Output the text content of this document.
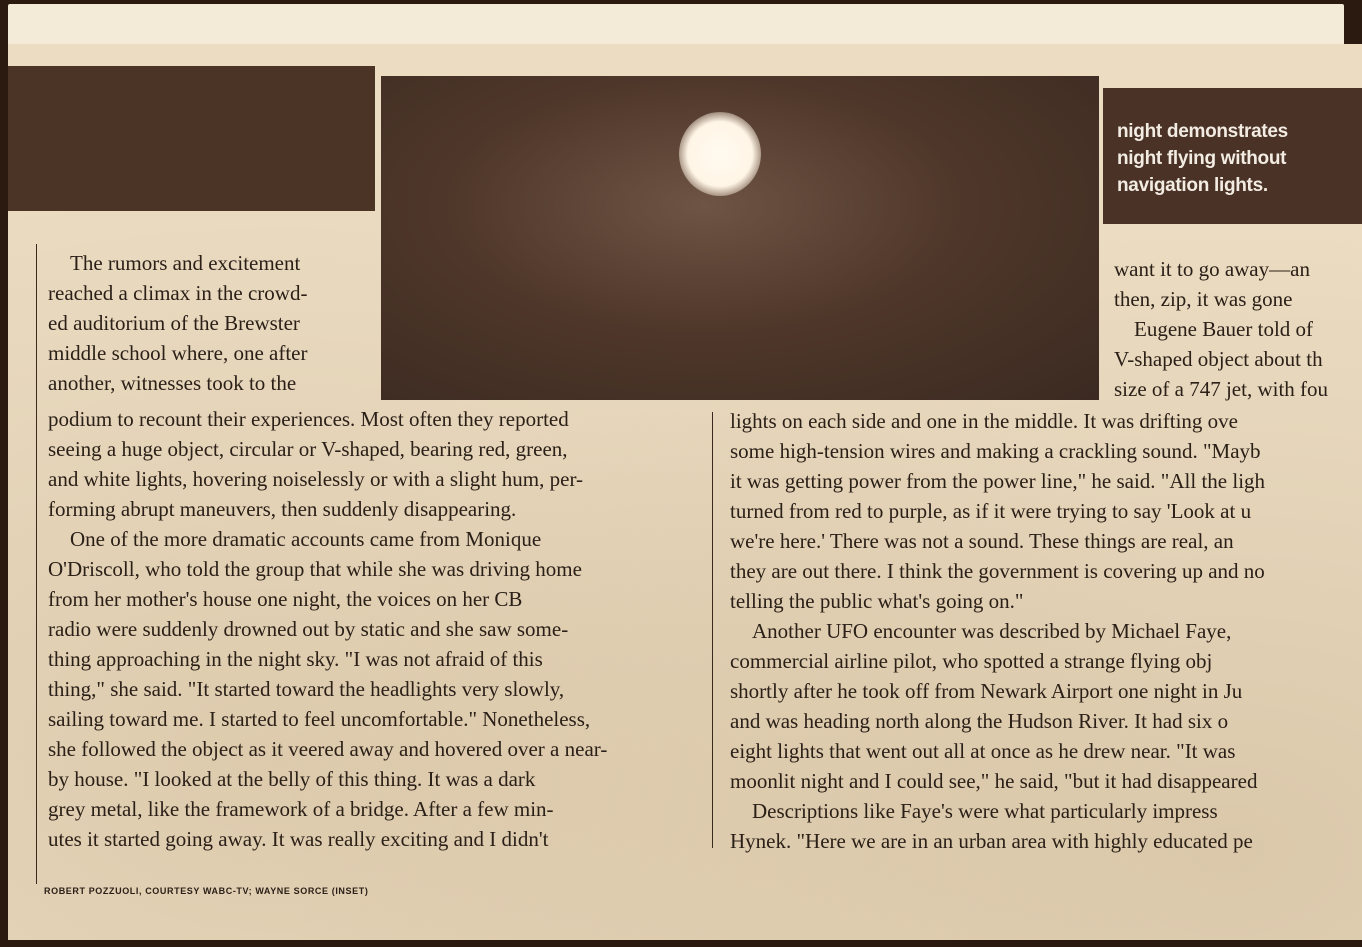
night demonstrates
night flying without
navigation lights.
The rumors and excitement
reached a climax in the crowd-
ed auditorium of the Brewster
middle school where, one after
another, witnesses took to the
podium to recount their experiences. Most often they reported
seeing a huge object, circular or V-shaped, bearing red, green,
and white lights, hovering noiselessly or with a slight hum, per-
forming abrupt maneuvers, then suddenly disappearing.
One of the more dramatic accounts came from Monique
O'Driscoll, who told the group that while she was driving home
from her mother's house one night, the voices on her CB
radio were suddenly drowned out by static and she saw some-
thing approaching in the night sky. "I was not afraid of this
thing," she said. "It started toward the headlights very slowly,
sailing toward me. I started to feel uncomfortable." Nonetheless,
she followed the object as it veered away and hovered over a near-
by house. "I looked at the belly of this thing. It was a dark
grey metal, like the framework of a bridge. After a few min-
utes it started going away. It was really exciting and I didn't
want it to go away—an
then, zip, it was gone
Eugene Bauer told of
V-shaped object about th
size of a 747 jet, with fou
lights on each side and one in the middle. It was drifting ove
some high-tension wires and making a crackling sound. "Mayb
it was getting power from the power line," he said. "All the ligh
turned from red to purple, as if it were trying to say 'Look at u
we're here.' There was not a sound. These things are real, an
they are out there. I think the government is covering up and no
telling the public what's going on."
Another UFO encounter was described by Michael Faye,
commercial airline pilot, who spotted a strange flying obj
shortly after he took off from Newark Airport one night in Ju
and was heading north along the Hudson River. It had six o
eight lights that went out all at once as he drew near. "It was
moonlit night and I could see," he said, "but it had disappeared
Descriptions like Faye's were what particularly impress
Hynek. "Here we are in an urban area with highly educated pe
ROBERT POZZUOLI, COURTESY WABC-TV; WAYNE SORCE (INSET)
